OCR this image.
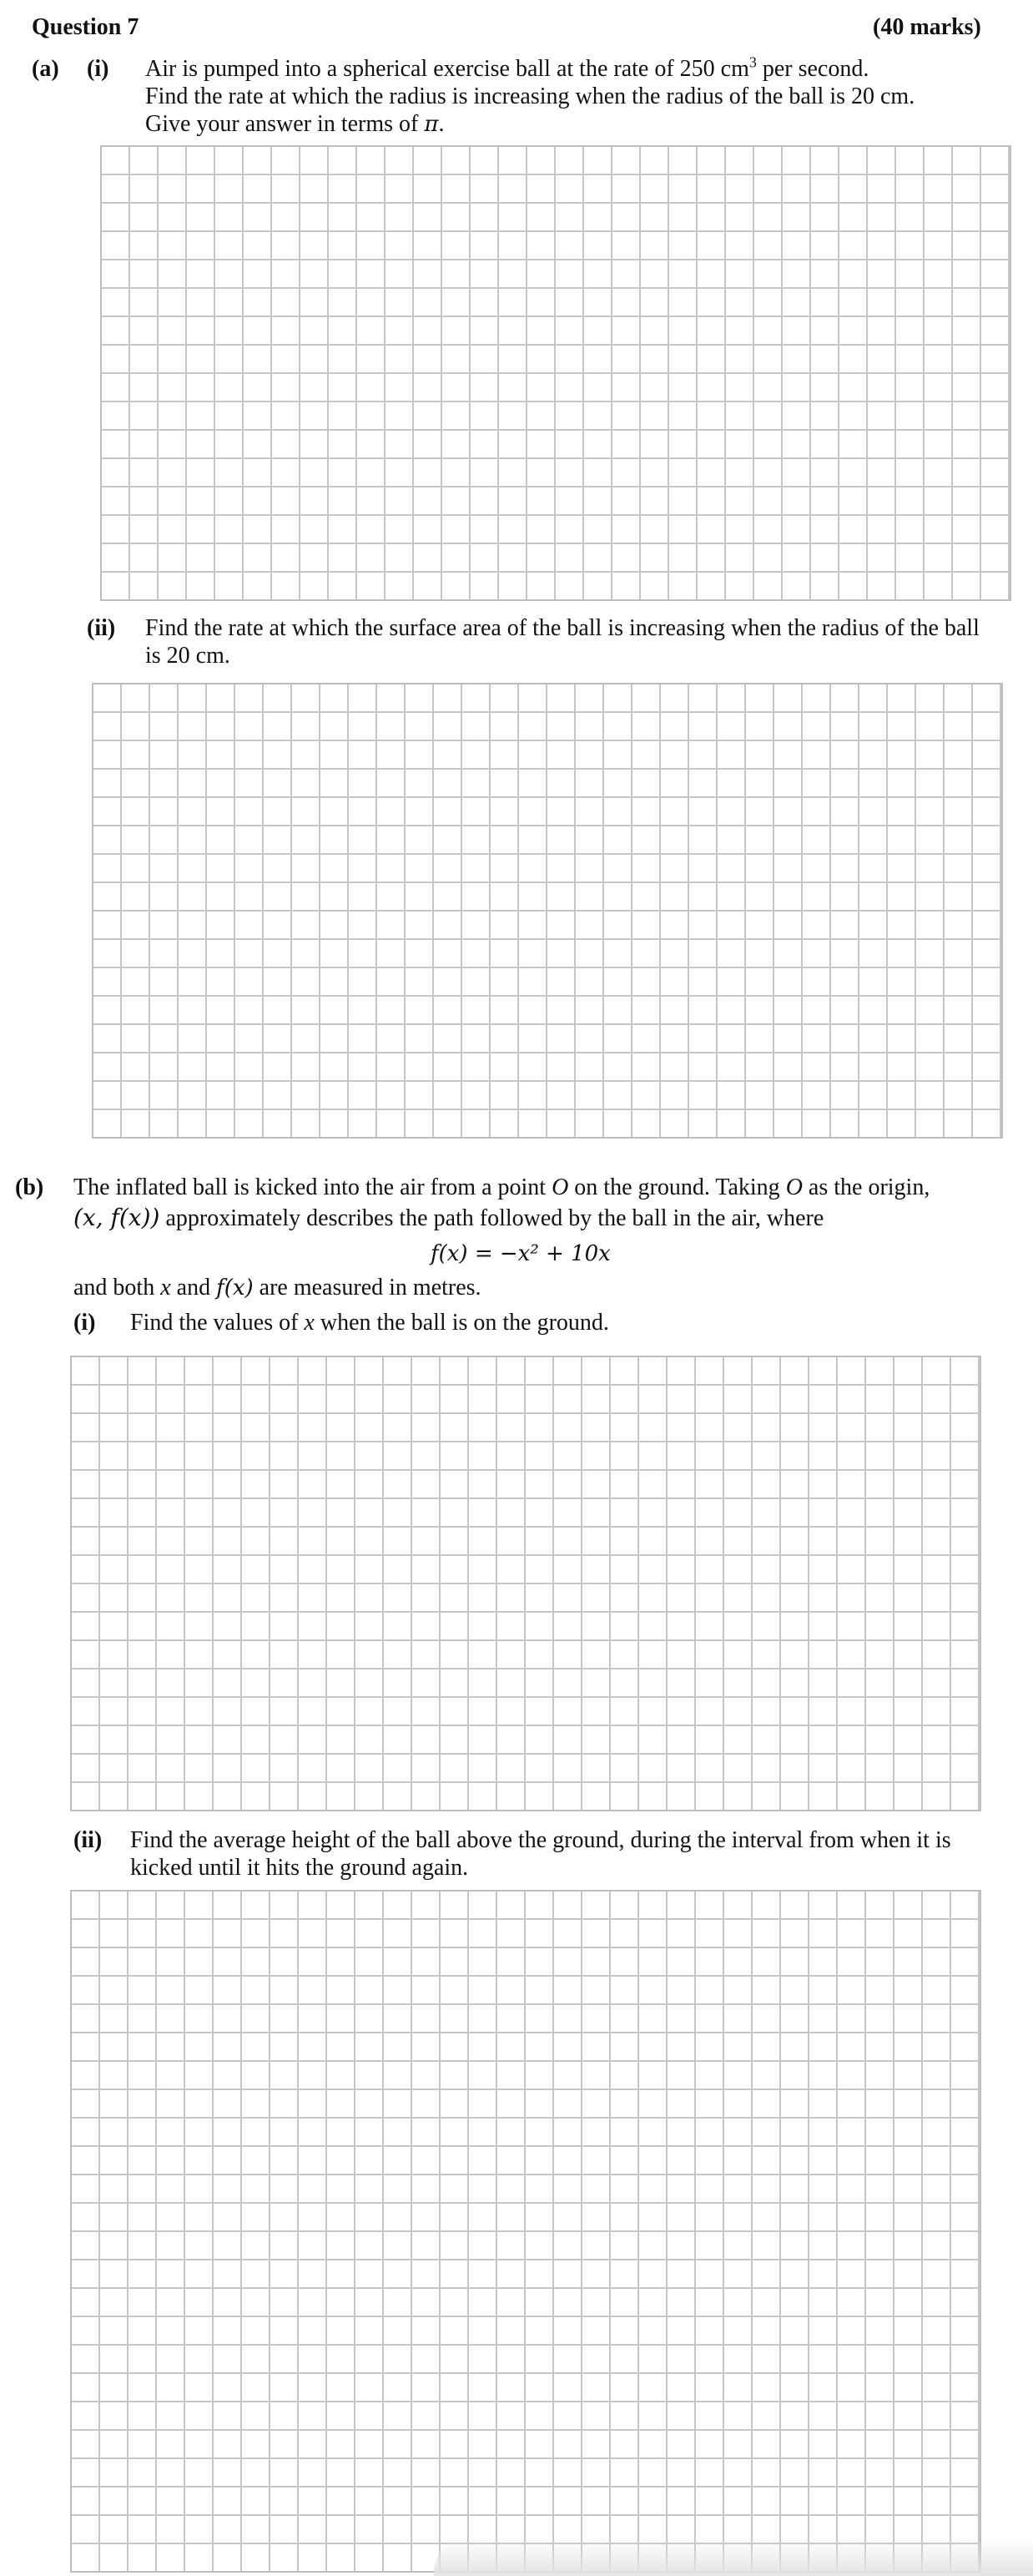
Question 7	(40 marks)
(a) (i) Air is pumped into a spherical exercise ball at the rate of 250 $cm^3$ per second.
Find the rate at which the radius is increasing when the radius of the ball is 20 cm.
Give your answer in terms of π.
(ii) Find the rate at which the surface area of the ball is increasing when the radius of the ball
is 20 cm.
(b) The inflated ball is kicked into the air from a point O on the ground. Taking O as the origin,
(x, f(x)) approximately describes the path followed by the ball in the air, where
f(x) = −x² + 10x
and both x and f(x) are measured in metres.
(i) Find the values of x when the ball is on the ground.
(ii) Find the average height of the ball above the ground, during the interval from when it is
kicked until it hits the ground again.
